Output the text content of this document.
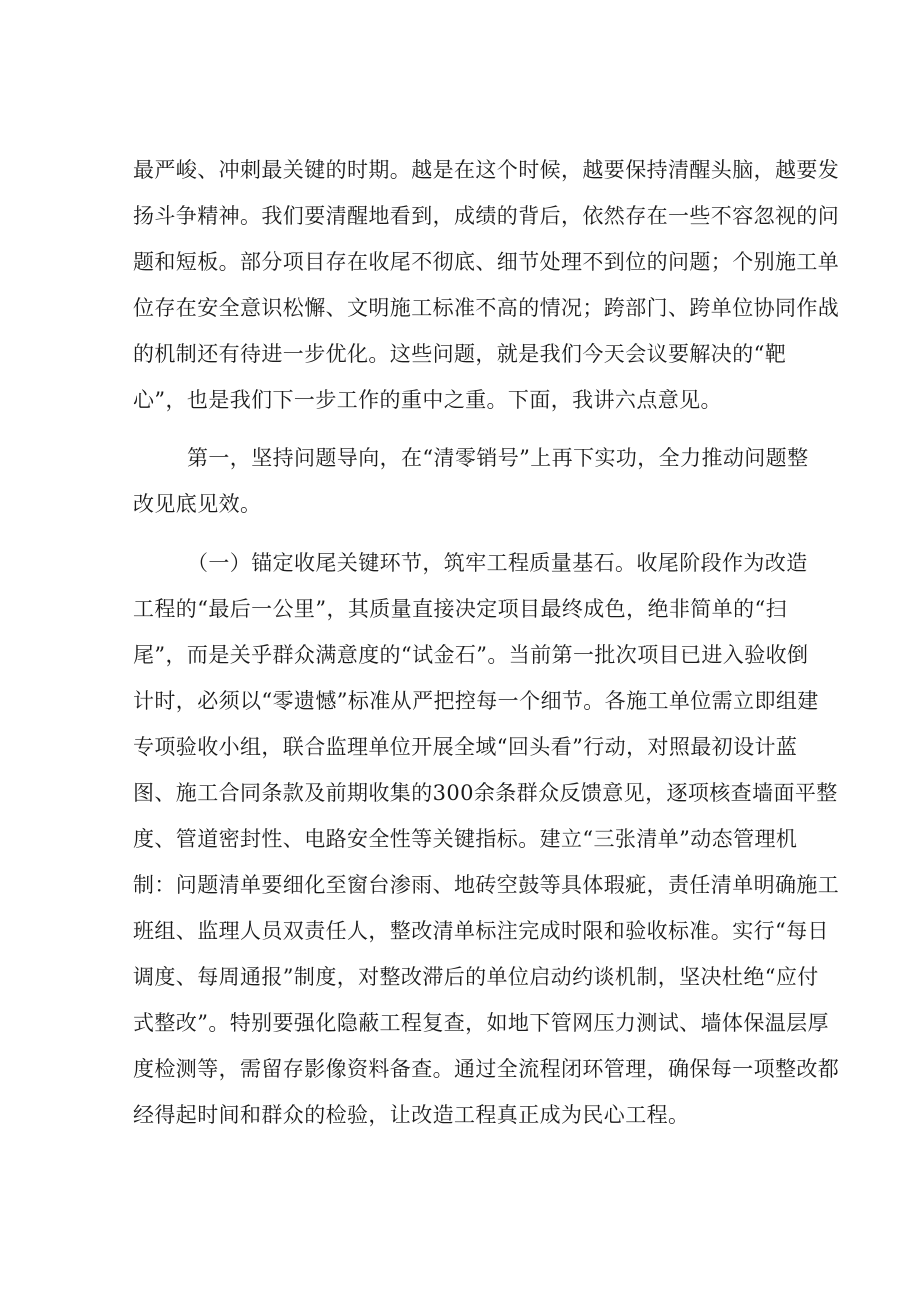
最严峻、冲刺最关键的时期。越是在这个时候，越要保持清醒头脑，越要发
扬斗争精神。我们要清醒地看到，成绩的背后，依然存在一些不容忽视的问
题和短板。部分项目存在收尾不彻底、细节处理不到位的问题；个别施工单
位存在安全意识松懈、文明施工标准不高的情况；跨部门、跨单位协同作战
的机制还有待进一步优化。这些问题，就是我们今天会议要解决的“靶
心”，也是我们下一步工作的重中之重。下面，我讲六点意见。
第一，坚持问题导向，在“清零销号”上再下实功，全力推动问题整
改见底见效。
（一）锚定收尾关键环节，筑牢工程质量基石。收尾阶段作为改造
工程的“最后一公里”，其质量直接决定项目最终成色，绝非简单的“扫
尾”，而是关乎群众满意度的“试金石”。当前第一批次项目已进入验收倒
计时，必须以“零遗憾”标准从严把控每一个细节。各施工单位需立即组建
专项验收小组，联合监理单位开展全域“回头看”行动，对照最初设计蓝
图、施工合同条款及前期收集的300余条群众反馈意见，逐项核查墙面平整
度、管道密封性、电路安全性等关键指标。建立“三张清单”动态管理机
制：问题清单要细化至窗台渗雨、地砖空鼓等具体瑕疵，责任清单明确施工
班组、监理人员双责任人，整改清单标注完成时限和验收标准。实行“每日
调度、每周通报”制度，对整改滞后的单位启动约谈机制，坚决杜绝“应付
式整改”。特别要强化隐蔽工程复查，如地下管网压力测试、墙体保温层厚
度检测等，需留存影像资料备查。通过全流程闭环管理，确保每一项整改都
经得起时间和群众的检验，让改造工程真正成为民心工程。
